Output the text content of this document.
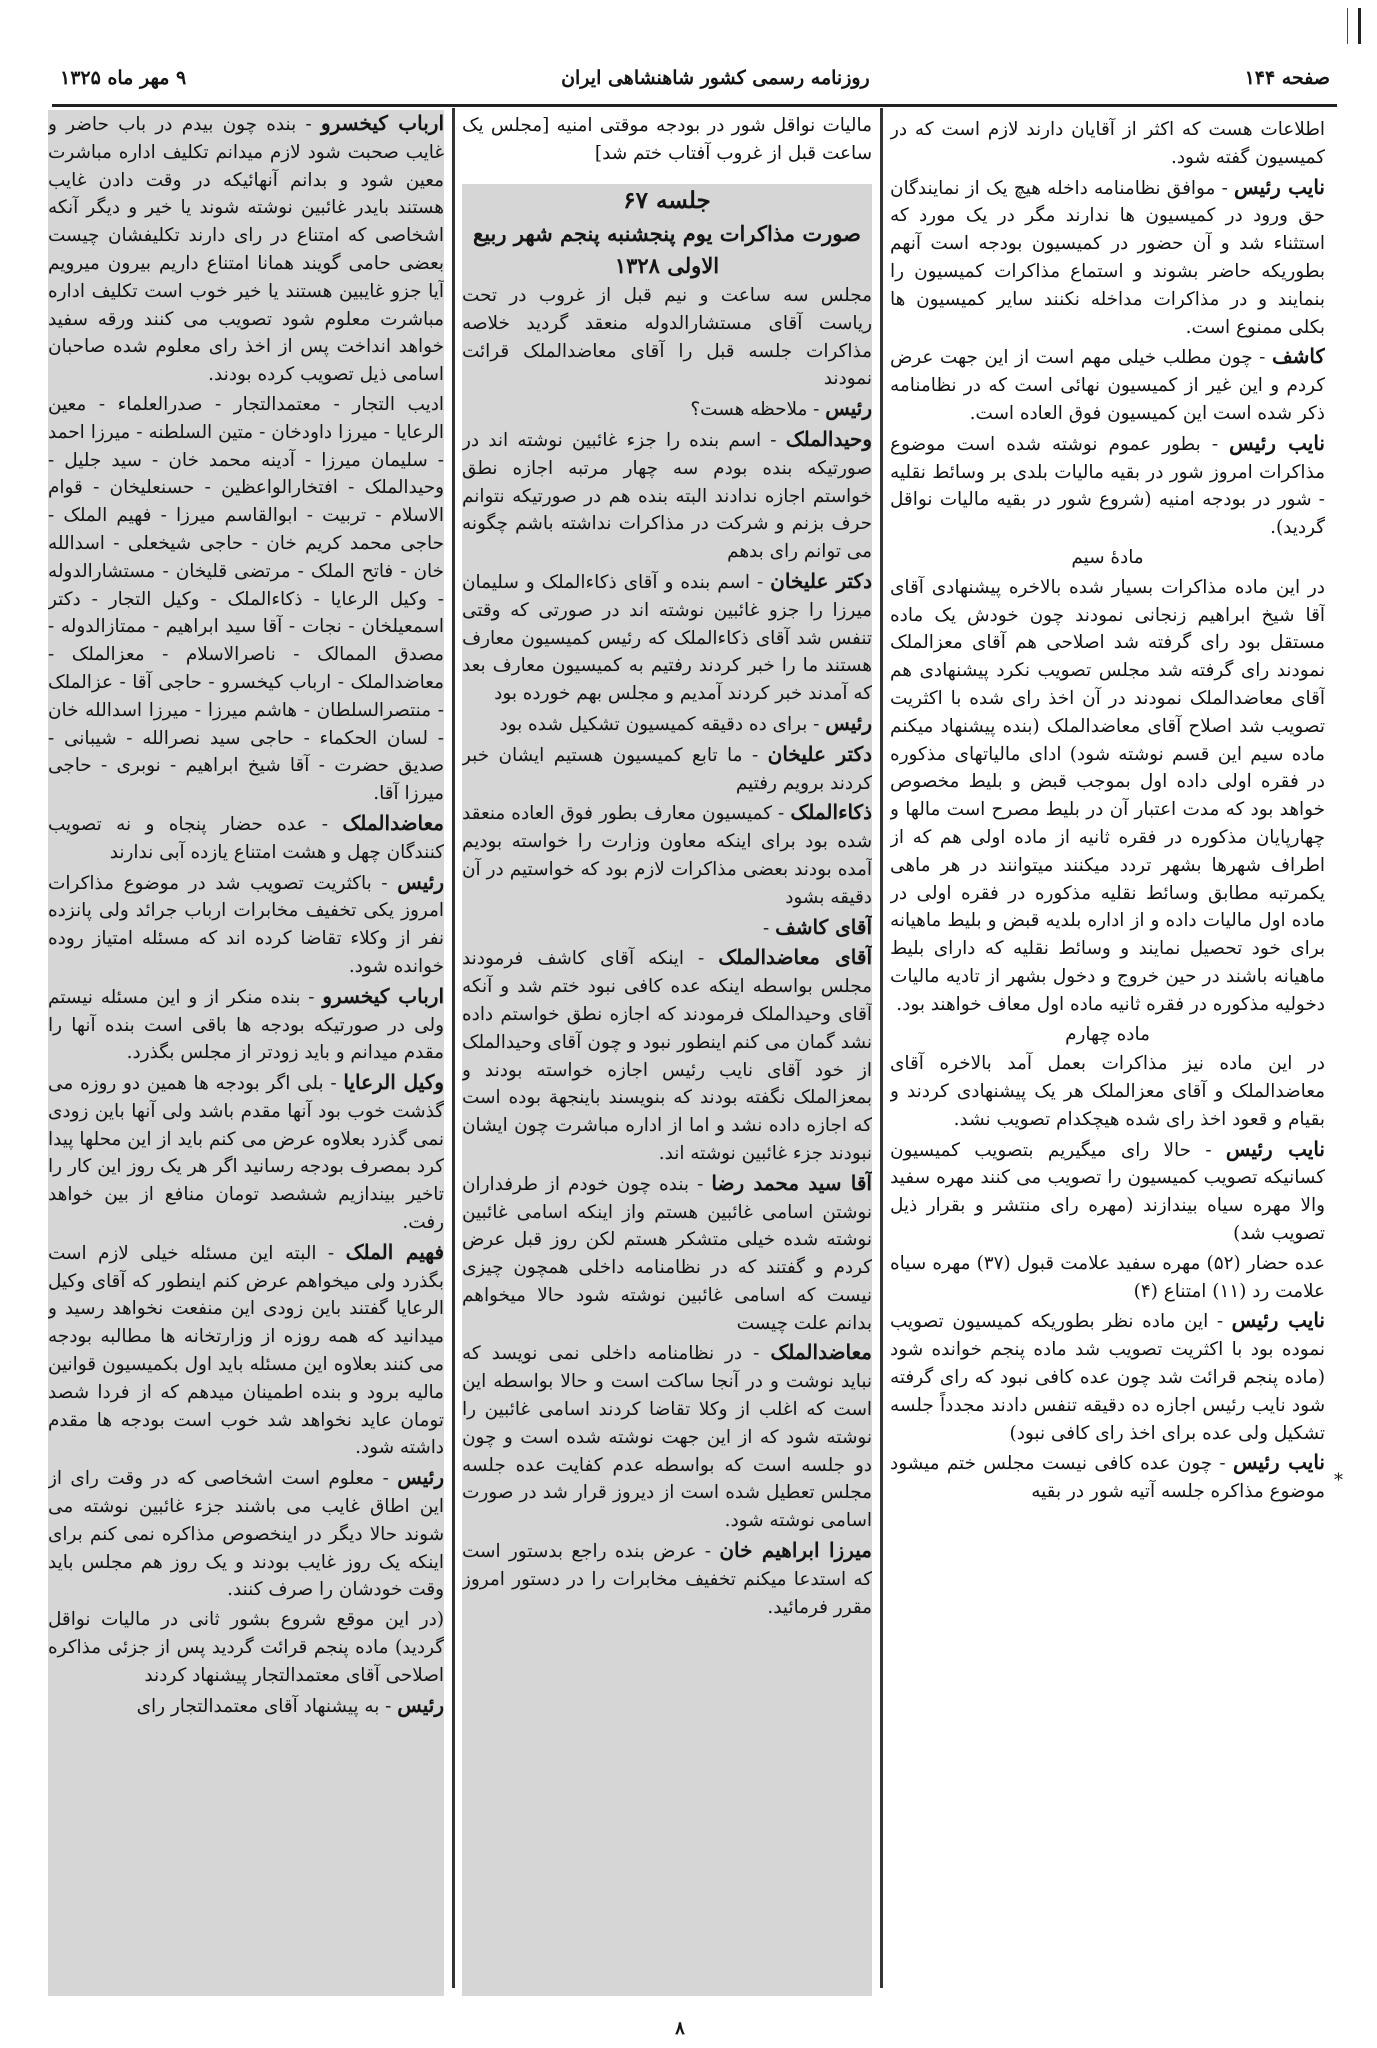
صفحه ۱۴۴
روزنامه رسمی کشور شاهنشاهی ایران
۹ مهر ماه ۱۳۲۵

اطلاعات هست که اکثر از آقایان دارند لازم است که در کمیسیون گفته شود.

نایب رئیس - موافق نظامنامه داخله هیچ یک از نمایندگان حق ورود در کمیسیون ها ندارند مگر در یک مورد که استثناء شد و آن حضور در کمیسیون بودجه است آنهم بطوریکه حاضر بشوند و استماع مذاکرات کمیسیون را بنمایند و در مذاکرات مداخله نکنند سایر کمیسیون ها بکلی ممنوع است.

کاشف - چون مطلب خیلی مهم است از این جهت عرض کردم و این غیر از کمیسیون نهائی است که در نظامنامه ذکر شده است این کمیسیون فوق العاده است.

نایب رئیس - بطور عموم نوشته شده است موضوع مذاکرات امروز شور در بقیه مالیات بلدی بر وسائط نقلیه - شور در بودجه امنیه (شروع شور در بقیه مالیات نواقل گردید).

مادهٔ سیم

در این ماده مذاکرات بسیار شده بالاخره پیشنهادی آقای آقا شیخ ابراهیم زنجانی نمودند چون خودش یک ماده مستقل بود رای گرفته شد اصلاحی هم آقای معزالملک نمودند رای گرفته شد مجلس تصویب نکرد پیشنهادی هم آقای معاضدالملک نمودند در آن اخذ رای شده با اکثریت تصویب شد اصلاح آقای معاضدالملک (بنده پیشنهاد میکنم ماده سیم این قسم نوشته شود) ادای مالیاتهای مذکوره در فقره اولی داده اول بموجب قبض و بلیط مخصوص خواهد بود که مدت اعتبار آن در بلیط مصرح است مالها و چهارپایان مذکوره در فقره ثانیه از ماده اولی هم که از اطراف شهرها بشهر تردد میکنند میتوانند در هر ماهی یکمرتبه مطابق وسائط نقلیه مذکوره در فقره اولی در ماده اول مالیات داده و از اداره بلدیه قبض و بلیط ماهیانه برای خود تحصیل نمایند و وسائط نقلیه که دارای بلیط ماهیانه باشند در حین خروج و دخول بشهر از تادیه مالیات دخولیه مذکوره در فقره ثانیه ماده اول معاف خواهند بود.

ماده چهارم

در این ماده نیز مذاکرات بعمل آمد بالاخره آقای معاضدالملک و آقای معزالملک هر یک پیشنهادی کردند و بقیام و قعود اخذ رای شده هیچکدام تصویب نشد.

نایب رئیس - حالا رای میگیریم بتصویب کمیسیون کسانیکه تصویب کمیسیون را تصویب می کنند مهره سفید والا مهره سیاه بیندازند (مهره رای منتشر و بقرار ذیل تصویب شد)

عده حضار (۵۲) مهره سفید علامت قبول (۳۷) مهره سیاه علامت رد (۱۱) امتناع (۴)

نایب رئیس - این ماده نظر بطوریکه کمیسیون تصویب نموده بود با اکثریت تصویب شد ماده پنجم خوانده شود (ماده پنجم قرائت شد چون عده کافی نبود که رای گرفته شود نایب رئیس اجازه ده دقیقه تنفس دادند مجدداً جلسه تشکیل ولی عده برای اخذ رای کافی نبود)

نایب رئیس - چون عده کافی نیست مجلس ختم میشود موضوع مذاکره جلسه آتیه شور در بقیه

مالیات نواقل شور در بودجه موقتی امنیه [مجلس یک ساعت قبل از غروب آفتاب ختم شد]

جلسه ۶۷

صورت مذاکرات یوم پنجشنبه پنجم شهر ربیع الاولی ۱۳۲۸

مجلس سه ساعت و نیم قبل از غروب در تحت ریاست آقای مستشارالدوله منعقد گردید خلاصه مذاکرات جلسه قبل را آقای معاضدالملک قرائت نمودند

رئیس - ملاحظه هست؟

وحیدالملک - اسم بنده را جزء غائبین نوشته اند در صورتیکه بنده بودم سه چهار مرتبه اجازه نطق خواستم اجازه ندادند البته بنده هم در صورتیکه نتوانم حرف بزنم و شرکت در مذاکرات نداشته باشم چگونه می توانم رای بدهم

دکتر علیخان - اسم بنده و آقای ذکاءالملک و سلیمان میرزا را جزو غائبین نوشته اند در صورتی که وقتی تنفس شد آقای ذکاءالملک که رئیس کمیسیون معارف هستند ما را خبر کردند رفتیم به کمیسیون معارف بعد که آمدند خبر کردند آمدیم و مجلس بهم خورده بود

رئیس - برای ده دقیقه کمیسیون تشکیل شده بود

دکتر علیخان - ما تابع کمیسیون هستیم ایشان خبر کردند برویم رفتیم

ذکاءالملک - کمیسیون معارف بطور فوق العاده منعقد شده بود برای اینکه معاون وزارت را خواسته بودیم آمده بودند بعضی مذاکرات لازم بود که خواستیم در آن دقیقه بشود

آقای کاشف -

آقای معاضدالملک - اینکه آقای کاشف فرمودند مجلس بواسطه اینکه عده کافی نبود ختم شد و آنکه آقای وحیدالملک فرمودند که اجازه نطق خواستم داده نشد گمان می کنم اینطور نبود و چون آقای وحیدالملک از خود آقای نایب رئیس اجازه خواسته بودند و بمعزالملک نگفته بودند که بنویسند باینجهة بوده است که اجازه داده نشد و اما از اداره مباشرت چون ایشان نبودند جزء غائبین نوشته اند.

آقا سید محمد رضا - بنده چون خودم از طرفداران نوشتن اسامی غائبین هستم واز اینکه اسامی غائبین نوشته شده خیلی متشکر هستم لکن روز قبل عرض کردم و گفتند که در نظامنامه داخلی همچون چیزی نیست که اسامی غائبین نوشته شود حالا میخواهم بدانم علت چیست

معاضدالملک - در نظامنامه داخلی نمی نویسد که نباید نوشت و در آنجا ساکت است و حالا بواسطه این است که اغلب از وکلا تقاضا کردند اسامی غائبین را نوشته شود که از این جهت نوشته شده است و چون دو جلسه است که بواسطه عدم کفایت عده جلسه مجلس تعطیل شده است از دیروز قرار شد در صورت اسامی نوشته شود.

میرزا ابراهیم خان - عرض بنده راجع بدستور است که استدعا میکنم تخفیف مخابرات را در دستور امروز مقرر فرمائید.

ارباب کیخسرو - بنده چون بیدم در باب حاضر و غایب صحبت شود لازم میدانم تکلیف اداره مباشرت معین شود و بدانم آنهائیکه در وقت دادن غایب هستند بایدر غائبین نوشته شوند یا خیر و دیگر آنکه اشخاصی که امتناع در رای دارند تکلیفشان چیست بعضی حامی گویند همانا امتناع داریم بیرون میرویم آیا جزو غایبین هستند یا خیر خوب است تکلیف اداره مباشرت معلوم شود تصویب می کنند ورقه سفید خواهد انداخت پس از اخذ رای معلوم شده صاحبان اسامی ذیل تصویب کرده بودند.

ادیب التجار - معتمدالتجار - صدرالعلماء - معین الرعایا - میرزا داودخان - متین السلطنه - میرزا احمد - سلیمان میرزا - آدینه محمد خان - سید جلیل - وحیدالملک - افتخارالواعظین - حسنعلیخان - قوام الاسلام - تربیت - ابوالقاسم میرزا - فهیم الملک - حاجی محمد کریم خان - حاجی شیخعلی - اسدالله خان - فاتح الملک - مرتضی قلیخان - مستشارالدوله - وکیل الرعایا - ذکاءالملک - وکیل التجار - دکتر اسمعیلخان - نجات - آقا سید ابراهیم - ممتازالدوله - مصدق الممالک - ناصرالاسلام - معزالملک - معاضدالملک - ارباب کیخسرو - حاجی آقا - عزالملک - منتصرالسلطان - هاشم میرزا - میرزا اسدالله خان - لسان الحکماء - حاجی سید نصرالله - شیبانی - صدیق حضرت - آقا شیخ ابراهیم - نوبری - حاجی میرزا آقا.

معاضدالملک - عده حضار پنجاه و نه تصویب کنندگان چهل و هشت امتناع یازده آبی ندارند

رئیس - باکثریت تصویب شد در موضوع مذاکرات امروز یکی تخفیف مخابرات ارباب جرائد ولی پانزده نفر از وکلاء تقاضا کرده اند که مسئله امتیاز روده خوانده شود.

ارباب کیخسرو - بنده منکر از و این مسئله نیستم ولی در صورتیکه بودجه ها باقی است بنده آنها را مقدم میدانم و باید زودتر از مجلس بگذرد.

وکیل الرعایا - بلی اگر بودجه ها همین دو روزه می گذشت خوب بود آنها مقدم باشد ولی آنها باین زودی نمی گذرد بعلاوه عرض می کنم باید از این محلها پیدا کرد بمصرف بودجه رسانید اگر هر یک روز این کار را تاخیر بیندازیم ششصد تومان منافع از بین خواهد رفت.

فهیم الملک - البته این مسئله خیلی لازم است بگذرد ولی میخواهم عرض کنم اینطور که آقای وکیل الرعایا گفتند باین زودی این منفعت نخواهد رسید و میدانید که همه روزه از وزارتخانه ها مطالبه بودجه می کنند بعلاوه این مسئله باید اول بکمیسیون قوانین مالیه برود و بنده اطمینان میدهم که از فردا شصد تومان عاید نخواهد شد خوب است بودجه ها مقدم داشته شود.

رئیس - معلوم است اشخاصی که در وقت رای از این اطاق غایب می باشند جزء غائبین نوشته می شوند حالا دیگر در اینخصوص مذاکره نمی کنم برای اینکه یک روز غایب بودند و یک روز هم مجلس باید وقت خودشان را صرف کنند.

(در این موقع شروع بشور ثانی در مالیات نواقل گردید) ماده پنجم قرائت گردید پس از جزئی مذاکره اصلاحی آقای معتمدالتجار پیشنهاد کردند

رئیس - به پیشنهاد آقای معتمدالتجار رای

*
۸
